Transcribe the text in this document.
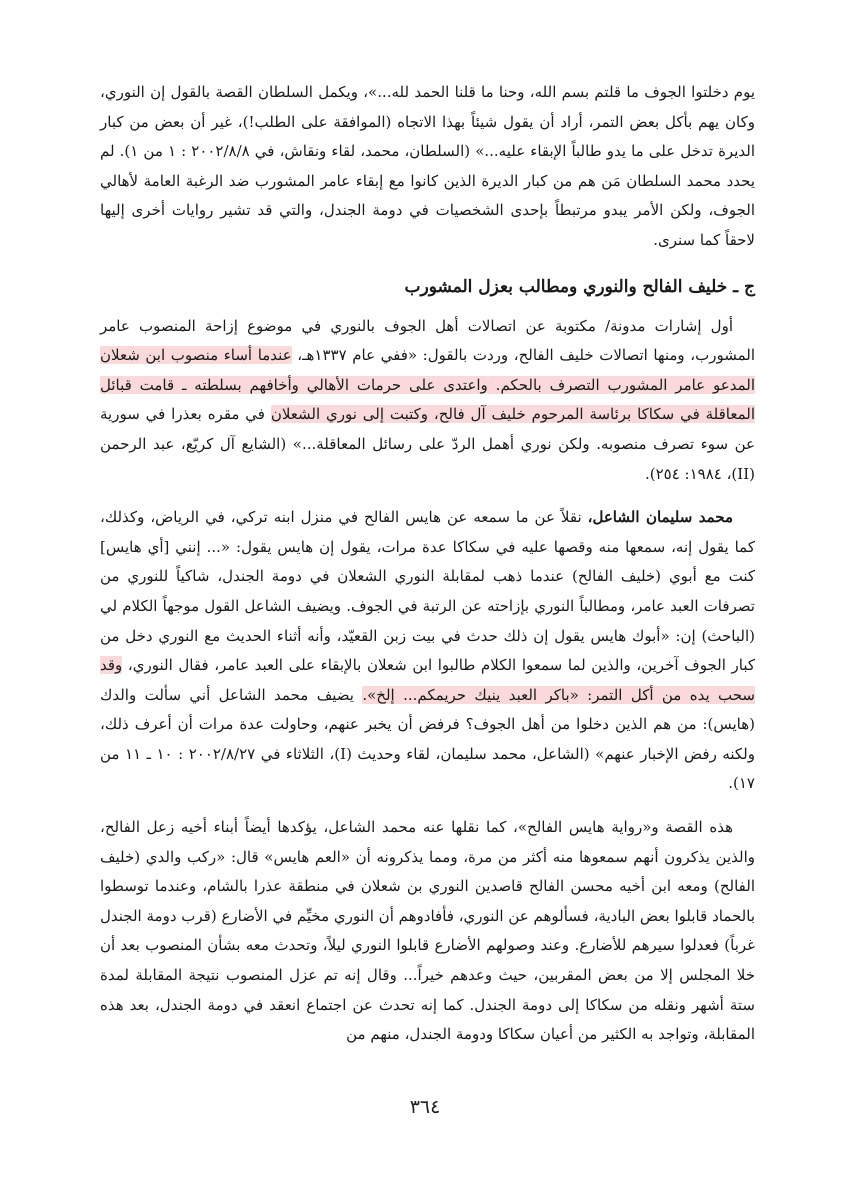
يوم دخلتوا الجوف ما قلتم بسم الله، وحنا ما قلنا الحمد لله...»، ويكمل السلطان القصة بالقول إن النوري، وكان يهم بأكل بعض التمر، أراد أن يقول شيئاً بهذا الاتجاه (الموافقة على الطلب!)، غير أن بعض من كبار الديرة تدخل على ما يدو طالباً الإبقاء عليه...» (السلطان، محمد، لقاء ونقاش، في ٢٠٠٢/٨/٨ : ١ من ١). لم يحدد محمد السلطان مَن هم من كبار الديرة الذين كانوا مع إبقاء عامر المشورب ضد الرغبة العامة لأهالي الجوف، ولكن الأمر يبدو مرتبطاً بإحدى الشخصيات في دومة الجندل، والتي قد تشير روايات أخرى إليها لاحقاً كما سنرى.

ج ـ خليف الفالح والنوري ومطالب بعزل المشورب

أول إشارات مدونة/ مكتوبة عن اتصالات أهل الجوف بالنوري في موضوع إزاحة المنصوب عامر المشورب، ومنها اتصالات خليف الفالح، وردت بالقول: «ففي عام ١٣٣٧هـ، عندما أساء منصوب ابن شعلان المدعو عامر المشورب التصرف بالحكم. واعتدى على حرمات الأهالي وأخافهم بسلطته ـ قامت قبائل المعاقلة في سكاكا برئاسة المرحوم خليف آل فالح، وكتبت إلى نوري الشعلان في مقره بعذرا في سورية عن سوء تصرف منصوبه. ولكن نوري أهمل الردّ على رسائل المعاقلة...» (الشايع آل كريّع، عبد الرحمن (II)، ١٩٨٤: ٢٥٤).

محمد سليمان الشاعل، نقلاً عن ما سمعه عن هايس الفالح في منزل ابنه تركي، في الرياض، وكذلك، كما يقول إنه، سمعها منه وقصها عليه في سكاكا عدة مرات، يقول إن هايس يقول: «... إنني [أي هايس] كنت مع أبوي (خليف الفالح) عندما ذهب لمقابلة النوري الشعلان في دومة الجندل، شاكياً للنوري من تصرفات العبد عامر، ومطالباً النوري بإزاحته عن الرتبة في الجوف. ويضيف الشاعل القول موجهاً الكلام لي (الباحث) إن: «أبوك هايس يقول إن ذلك حدث في بيت زبن القعيّد، وأنه أثناء الحديث مع النوري دخل من كبار الجوف آخرين، والذين لما سمعوا الكلام طالبوا ابن شعلان بالإبقاء على العبد عامر، فقال النوري، وقد سحب يده من أكل التمر: «باكر العبد ينيك حريمكم... إلخ». يضيف محمد الشاعل أني سألت والدك (هايس): من هم الذين دخلوا من أهل الجوف؟ فرفض أن يخبر عنهم، وحاولت عدة مرات أن أعرف ذلك، ولكنه رفض الإخبار عنهم» (الشاعل، محمد سليمان، لقاء وحديث (I)، الثلاثاء في ٢٠٠٢/٨/٢٧ : ١٠ ـ ١١ من ١٧).

هذه القصة و«رواية هايس الفالح»، كما نقلها عنه محمد الشاعل، يؤكدها أيضاً أبناء أخيه زعل الفالح، والذين يذكرون أنهم سمعوها منه أكثر من مرة، ومما يذكرونه أن «العم هايس» قال: «ركب والدي (خليف الفالح) ومعه ابن أخيه محسن الفالح قاصدين النوري بن شعلان في منطقة عذرا بالشام، وعندما توسطوا بالحماد قابلوا بعض البادية، فسألوهم عن النوري، فأفادوهم أن النوري مخيِّم في الأضارع (قرب دومة الجندل غرباً) فعدلوا سيرهم للأضارع. وعند وصولهم الأضارع قابلوا النوري ليلاً، وتحدث معه بشأن المنصوب بعد أن خلا المجلس إلا من بعض المقربين، حيث وعدهم خيراً... وقال إنه تم عزل المنصوب نتيجة المقابلة لمدة ستة أشهر ونقله من سكاكا إلى دومة الجندل. كما إنه تحدث عن اجتماع انعقد في دومة الجندل، بعد هذه المقابلة، وتواجد به الكثير من أعيان سكاكا ودومة الجندل، منهم من

٣٦٤
